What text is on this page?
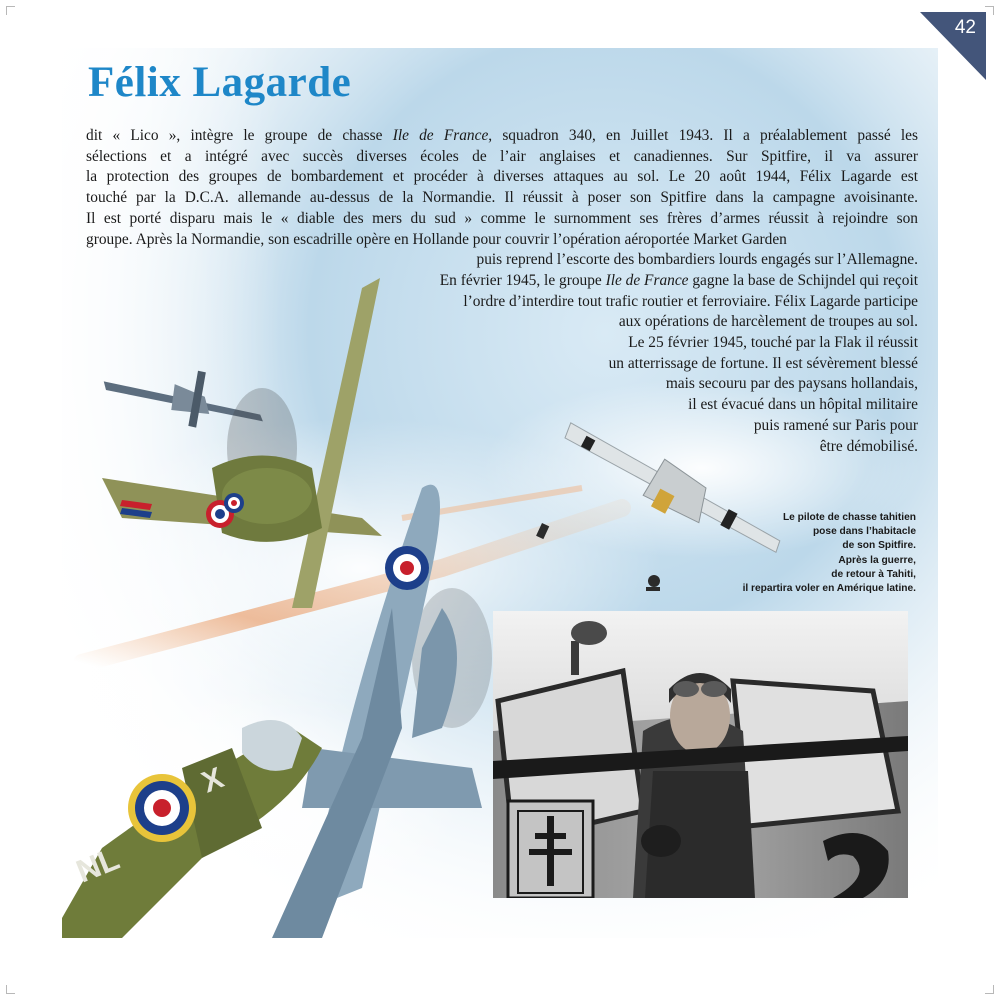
NL
X
42
Félix Lagarde
dit « Lico », intègre le groupe de chasse Ile de France, squadron 340, en Juillet 1943. Il a préalablement passé les
sélections et a intégré avec succès diverses écoles de l’air anglaises et canadiennes. Sur Spitfire, il va assurer
la protection des groupes de bombardement et procéder à diverses attaques au sol. Le 20 août 1944, Félix Lagarde est
touché par la D.C.A. allemande au-dessus de la Normandie. Il réussit à poser son Spitfire dans la campagne avoisinante.
Il est porté disparu mais le « diable des mers du sud » comme le surnomment ses frères d’armes réussit à rejoindre son
groupe. Après la Normandie, son escadrille opère en Hollande pour couvrir l’opération aéroportée Market Garden
puis reprend l’escorte des bombardiers lourds engagés sur l’Allemagne.
En février 1945, le groupe Ile de France gagne la base de Schijndel qui reçoit
l’ordre d’interdire tout trafic routier et ferroviaire. Félix Lagarde participe
aux opérations de harcèlement de troupes au sol.
Le 25 février 1945, touché par la Flak il réussit
un atterrissage de fortune. Il est sévèrement blessé
mais secouru par des paysans hollandais,
il est évacué dans un hôpital militaire
puis ramené sur Paris pour
être démobilisé.
Le pilote de chasse tahitien
pose dans l’habitacle
de son Spitfire.
Après la guerre,
de retour à Tahiti,
il repartira voler en Amérique latine.
